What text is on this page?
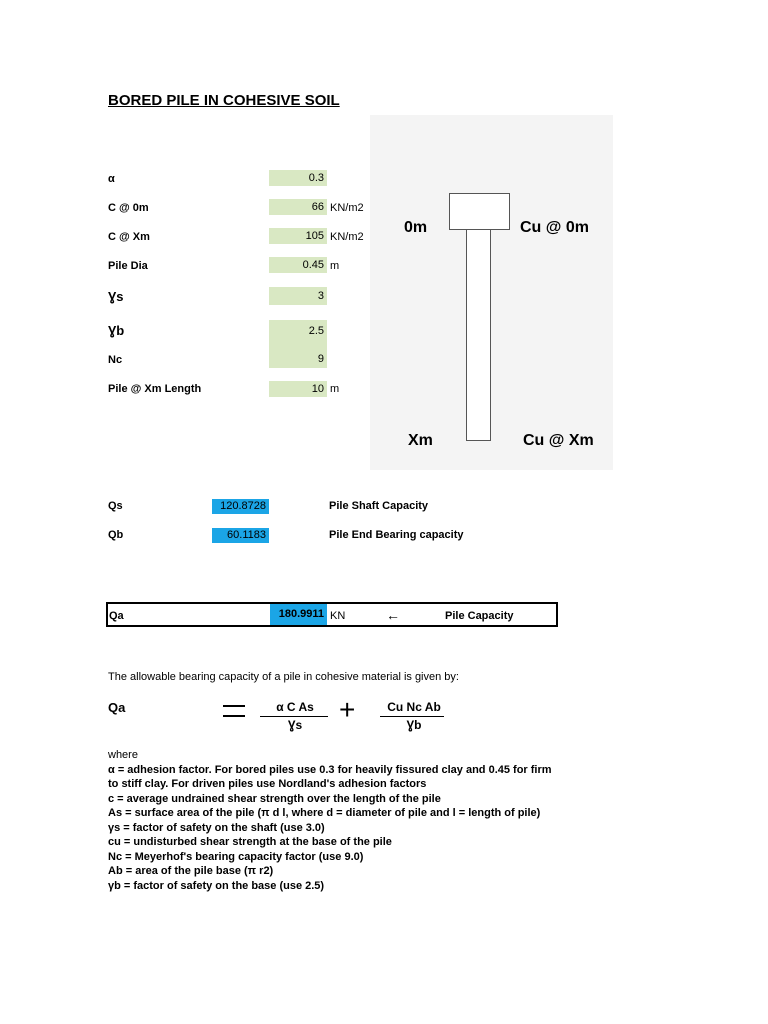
BORED PILE IN COHESIVE SOIL
α	0.3
C @ 0m	66 KN/m2
C @ Xm	105 KN/m2
Pile Dia	0.45 m
Ɣs	3
Ɣb	2.5
Nc	9
Pile @ Xm Length	10 m
0m	Cu @ 0m
Xm	Cu @ Xm
Qs	120.8728	Pile Shaft Capacity
Qb	60.1183	Pile End Bearing capacity
Qa	180.9911 KN	←	Pile Capacity
The allowable bearing capacity of a pile in cohesive material is given by:
Qa	α C As
Ɣs	+	Cu Nc Ab
Ɣb
where
α = adhesion factor. For bored piles use 0.3 for heavily fissured clay and 0.45 for firm
to stiff clay. For driven piles use Nordland's adhesion factors
c = average undrained shear strength over the length of the pile
As = surface area of the pile (π d l, where d = diameter of pile and l = length of pile)
γs = factor of safety on the shaft (use 3.0)
cu = undisturbed shear strength at the base of the pile
Nc = Meyerhof's bearing capacity factor (use 9.0)
Ab = area of the pile base (π r2)
γb = factor of safety on the base (use 2.5)
